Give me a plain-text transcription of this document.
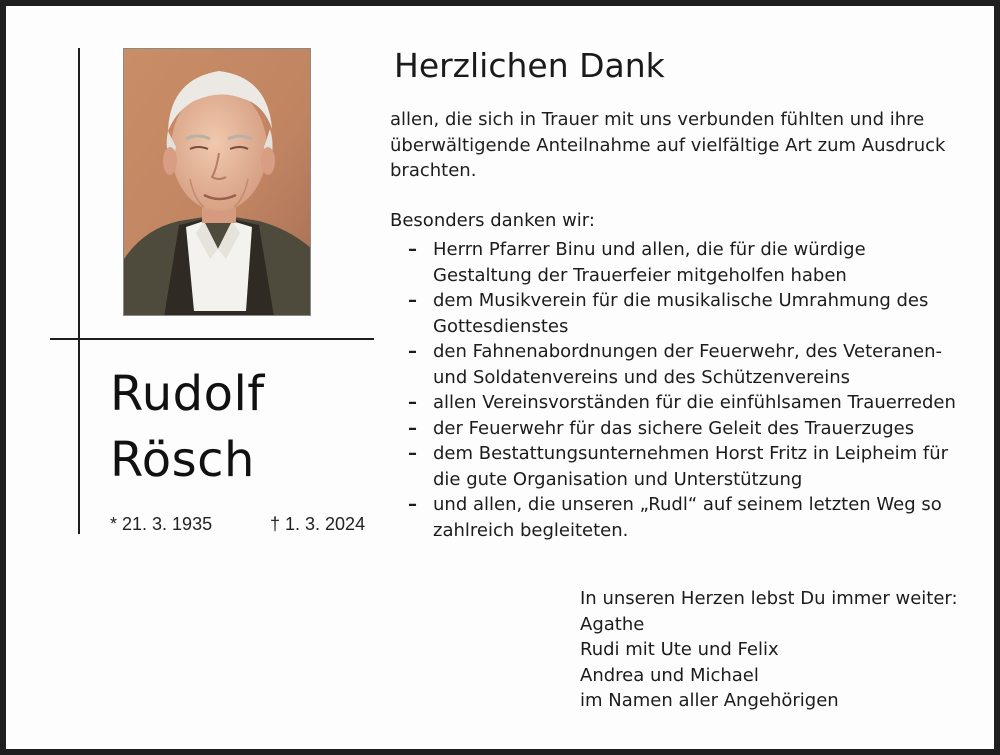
Rudolf
Rösch
* 21. 3. 1935	† 1. 3. 2024
Herzlichen Dank
allen, die sich in Trauer mit uns verbunden fühlten und ihre
überwältigende Anteilnahme auf vielfältige Art zum Ausdruck
brachten.
Besonders danken wir:
– Herrn Pfarrer Binu und allen, die für die würdige
Gestaltung der Trauerfeier mitgeholfen haben
– dem Musikverein für die musikalische Umrahmung des
Gottesdienstes
– den Fahnenabordnungen der Feuerwehr, des Veteranen-
und Soldatenvereins und des Schützenvereins
– allen Vereinsvorständen für die einfühlsamen Trauerreden
– der Feuerwehr für das sichere Geleit des Trauerzuges
– dem Bestattungsunternehmen Horst Fritz in Leipheim für
die gute Organisation und Unterstützung
– und allen, die unseren „Rudl“ auf seinem letzten Weg so
zahlreich begleiteten.
In unseren Herzen lebst Du immer weiter:
Agathe
Rudi mit Ute und Felix
Andrea und Michael
im Namen aller Angehörigen
